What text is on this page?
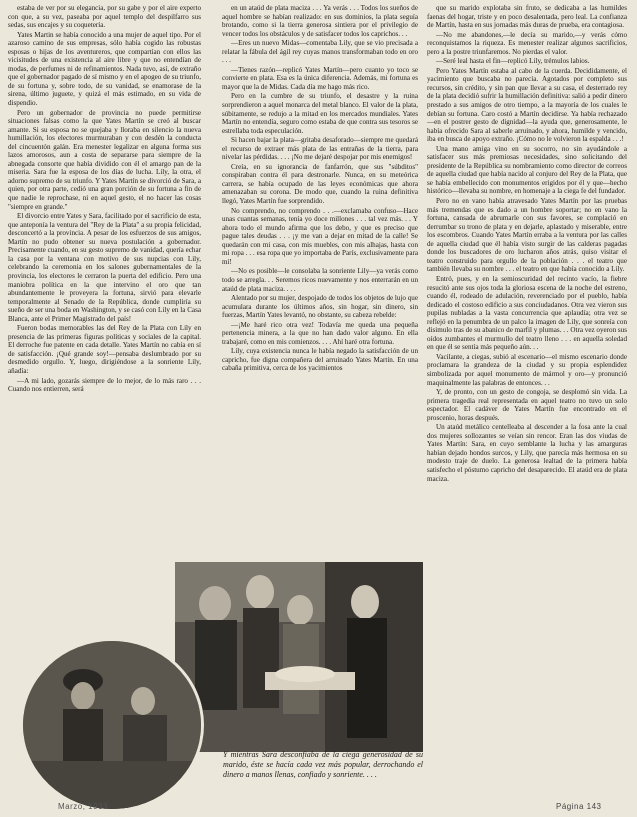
estaba de ver por su elegancia, por su gabe y por el aire experto con que, a su vez, paseaba por aquel templo del despilfarro sus sedas, sus encajes y su coquetería.

Yates Martin se había conocido a una mujer de aquel tipo. Por el azaroso camino de sus empresas, sólo había cogido las robustas esposas o hijas de los aventureros, que compartían con ellos las vicisitudes de una existencia al aire libre y que no entendían de modas, de perfumes ni de refinamientos. Nada tuvo, así, de extraño que el gobernador pagado de sí mismo y en el apogeo de su triunfo, de su fortuna y, sobre todo, de su vanidad, se enamorase de la sirena, último juguete, y quizá el más estimado, en su vida de dispendio.

Pero un gobernador de provincia no puede permitirse situaciones falsas como la que Yates Martín se creó al buscar amante. Si su esposa no se quejaba y lloraba en silencio la nueva humillación, los electores murmuraban y con desdén la conducta del cincuentón galán. Era menester legalizar en alguna forma sus lazos amorosos, aun a costa de separarse para siempre de la abnegada consorte que había dividido con él el amargo pan de la miseria. Sara fue la esposa de los días de lucha. Lily, la otra, el adorno supremo de su triunfo. Y Yates Martín se divorció de Sara, a quien, por otra parte, cedió una gran porción de su fortuna a fin de que nadie le reprochase, ni en aquel gesto, el no hacer las cosas "siempre en grande."

El divorcio entre Yates y Sara, facilitado por el sacrificio de esta, que anteponía la ventura del "Rey de la Plata" a su propia felicidad, desconcertó a la provincia. A pesar de los esfuerzos de sus amigos, Martín no pudo obtener su nueva postulación a gobernador. Precisamente cuando, en su gesto supremo de vanidad, quería echar la casa por la ventana con motivo de sus nupcias con Lily, celebrando la ceremonia en los salones gubernamentales de la provincia, los electores le cerraron la puerta del edificio. Pero una maniobra política en la que intervino el oro que tan abundantemente le proveyera la fortuna, sirvió para elevarle temporalmente al Senado de la República, donde cumpliría su sueño de ser una boda en Washington, y se casó con Lily en la Casa Blanca, ante el Primer Magistrado del país!

Fueron bodas memorables las del Rey de la Plata con Lily en presencia de las primeras figuras políticas y sociales de la capital. El derroche fue patente en cada detalle. Yates Martín no cabía en sí de satisfacción. ¡Qué grande soy!—pensaba deslumbrado por su desmedido orgullo. Y, luego, dirigiéndose a la sonriente Lily, añadía:

—A mi lado, gozarás siempre de lo mejor, de lo más raro . . . Cuando nos entierren, será

en un ataúd de plata maciza . . . Ya verás . . . Todos los sueños de aquel hombre se habían realizado: en sus dominios, la plata seguía brotando, como si la tierra generosa sintiera por el privilegio de vencer todos los obstáculos y de satisfacer todos los caprichos. . .

—Eres un nuevo Midas—comentaba Lily, que se vio precisada a relatar la fábula del ágil rey cuyas manos transformaban todo en oro . . .

—Tienes razón—replicó Yates Martín—pero cuanto yo toco se convierte en plata. Esa es la única diferencia. Además, mi fortuna es mayor que la de Midas. Cada día me hago más rico.

Pero en la cumbre de su triunfo, el desastre y la ruina sorprendieron a aquel monarca del metal blanco. El valor de la plata, súbitamente, se redujo a la mitad en los mercados mundiales. Yates Martín no entendía, seguro como estaba de que contra sus tesoros se estrellaba toda especulación.

Si hacen bajar la plata—gritaba desaforado—siempre me quedará el recurso de extraer más plata de las entrañas de la tierra, para nivelar las pérdidas. . . . ¡No me dejaré despojar por mis enemigos!

Creía, en su ignorancia de fanfarrón, que sus "súbditos" conspiraban contra él para destronarle. Nunca, en su meteórica carrera, se había ocupado de las leyes económicas que ahora amenazaban su corona. De modo que, cuando la ruina definitiva llegó, Yates Martín fue sorprendido.

No comprendo, no comprendo . . .—exclamaba confuso—Hace unas cuantas semanas, tenía yo doce millones . . . tal vez más. . . Y ahora todo el mundo afirma que los debo, y que es preciso que pague tales deudas . . . ¡y me van a dejar en mitad de la calle! Se quedarán con mi casa, con mis muebles, con mis alhajas, hasta con mi ropa . . . esa ropa que yo importaba de París, exclusivamente para mí!

—No es posible—le consolaba la sonriente Lily—ya verás como todo se arregla. . . Seremos ricos nuevamente y nos enterrarán en un ataúd de plata maciza. . . .

Alentado por su mujer, despojado de todos los objetos de lujo que acumulara durante los últimos años, sin hogar, sin dinero, sin fuerzas, Martín Yates levantó, no obstante, su cabeza rebelde:

—¡Me haré rico otra vez! Todavía me queda una pequeña pertenencia minera, a la que no han dado valor alguno. En ella trabajaré, como en mis comienzos. . . . Ahí haré otra fortuna.

Lily, cuya existencia nunca le había negado la satisfacción de un capricho, fue digna compañera del arruinado Yates Martín. En una cabaña primitiva, cerca de los yacimientos

que su marido explotaba sin fruto, se dedicaba a las humildes faenas del hogar, triste y en poco desalentada, pero leal. La confianza de Martín, hasta en sus jornadas más duras de prueba, era contagiosa.

—No me abandones,—le decía su marido,—y verás cómo reconquistamos la riqueza. Es menester realizar algunos sacrificios, pero a la postre triunfaremos. No pierdas el valor.

—Seré leal hasta el fin—replicó Lily, trémulos labios.

Pero Yates Martín estaba al cabo de la cuerda. Decididamente, el yacimiento que buscaba no parecía. Agotados por completo sus recursos, sin crédito, y sin pan que llevar a su casa, el desterrado rey de la plata decidió sufrir la humillación definitiva: salió a pedir dinero prestado a sus amigos de otro tiempo, a la mayoría de los cuales le debían su fortuna. Caro costó a Martín decidirse. Ya había rechazado—en el postrer gesto de dignidad—la ayuda que, generosamente, le había ofrecido Sara al saberle arruinado, y ahora, humilde y vencido, iba en busca de apoyo extraño. ¡Cómo no le volvieron la espalda . . .!

Una mano amiga vino en su socorro, no sin ayudándole a satisfacer sus más premiosas necesidades, sino solicitando del presidente de la República su nombramiento como director de correos de aquella ciudad que había nacido al conjuro del Rey de la Plata, que se había embellecido con monumentos erigidos por él y que—hecho histórico—llevaba su nombre, en homenaje a la ciega fe del fundador.

Pero no en vano había atravesado Yates Martín por las pruebas más tremendas que es dado a un hombre soportar; no en vano la fortuna, cansada de abrumarle con sus favores, se complació en derrumbar su trono de plata y en dejarle, aplastado y miserable, entre los escombros. Cuando Yates Martín erraba a la ventura por las calles de aquella ciudad que él había visto surgir de las calderas pagadas donde los buscadores de oro lucharon años atrás, quiso visitar el teatro construido para orgullo de la población . . . el teatro que también llevaba su nombre . . . el teatro en que había conocido a Lily.

Entró, pues, y en la semioscuridad del recinto vacío, la fiebre resucitó ante sus ojos toda la gloriosa escena de la noche del estreno, cuando él, rodeado de adulación, reverenciado por el pueblo, había dedicado el costoso edificio a sus conciudadanos. Otra vez vieron sus pupilas nubladas a la vasta concurrencia que aplaudía; otra vez se reflejó en la penumbra de un palco la imagen de Lily, que sonreía con disimulo tras de su abanico de marfil y plumas. . . Otra vez oyeron sus oídos zumbantes el murmullo del teatro lleno . . . en aquella soledad en que él se sentía más pequeño aún. . .

Vacilante, a ciegas, subió al escenario—el mismo escenario donde proclamara la grandeza de la ciudad y su propia esplendidez simbolizada por aquel monumento de mármol y oro—y pronunció maquinalmente las palabras de entonces. . .

Y, de pronto, con un gesto de congoja, se desplomó sin vida. La primera tragedia real representada en aquel teatro no tuvo un solo espectador. El cadáver de Yates Martín fue encontrado en el proscenio, horas después.

Un ataúd metálico centelleaba al descender a la fosa ante la cual dos mujeres sollozantes se veían sin rencor. Eran las dos viudas de Yates Martín: Sara, en cuyo semblante la lucha y las amarguras habían dejado hondos surcos, y Lily, que parecía más hermosa en su modesto traje de duelo. La generosa lealtad de la primera había satisfecho el póstumo capricho del desaparecido. El ataúd era de plata maciza.

Y mientras Sara desconfiaba de la ciega generosidad de su marido, éste se hacía cada vez más popular, derrochando el dinero a manos llenas, confiado y sonriente. . . .
Marzo, 1933	Página 143
